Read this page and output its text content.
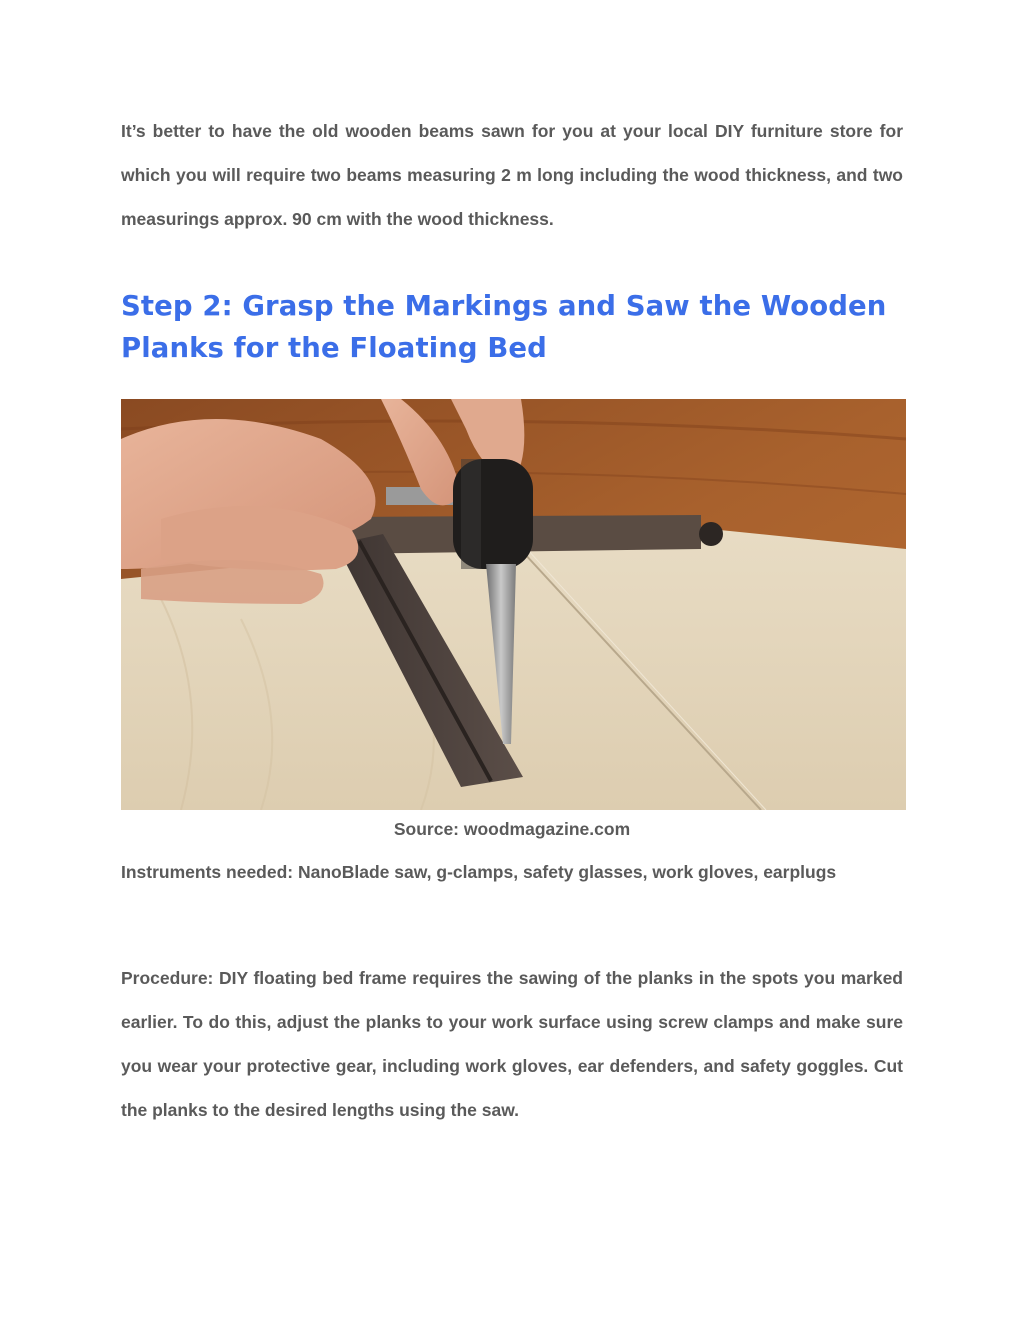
It’s better to have the old wooden beams sawn for you at your local DIY furniture store for which you will require two beams measuring 2 m long including the wood thickness, and two measurings approx. 90 cm with the wood thickness.

Step 2: Grasp the Markings and Saw the Wooden Planks for the Floating Bed
Source: woodmagazine.com

Instruments needed: NanoBlade saw, g-clamps, safety glasses, work gloves, earplugs

Procedure: DIY floating bed frame requires the sawing of the planks in the spots you marked earlier. To do this, adjust the planks to your work surface using screw clamps and make sure you wear your protective gear, including work gloves, ear defenders, and safety goggles. Cut the planks to the desired lengths using the saw.
